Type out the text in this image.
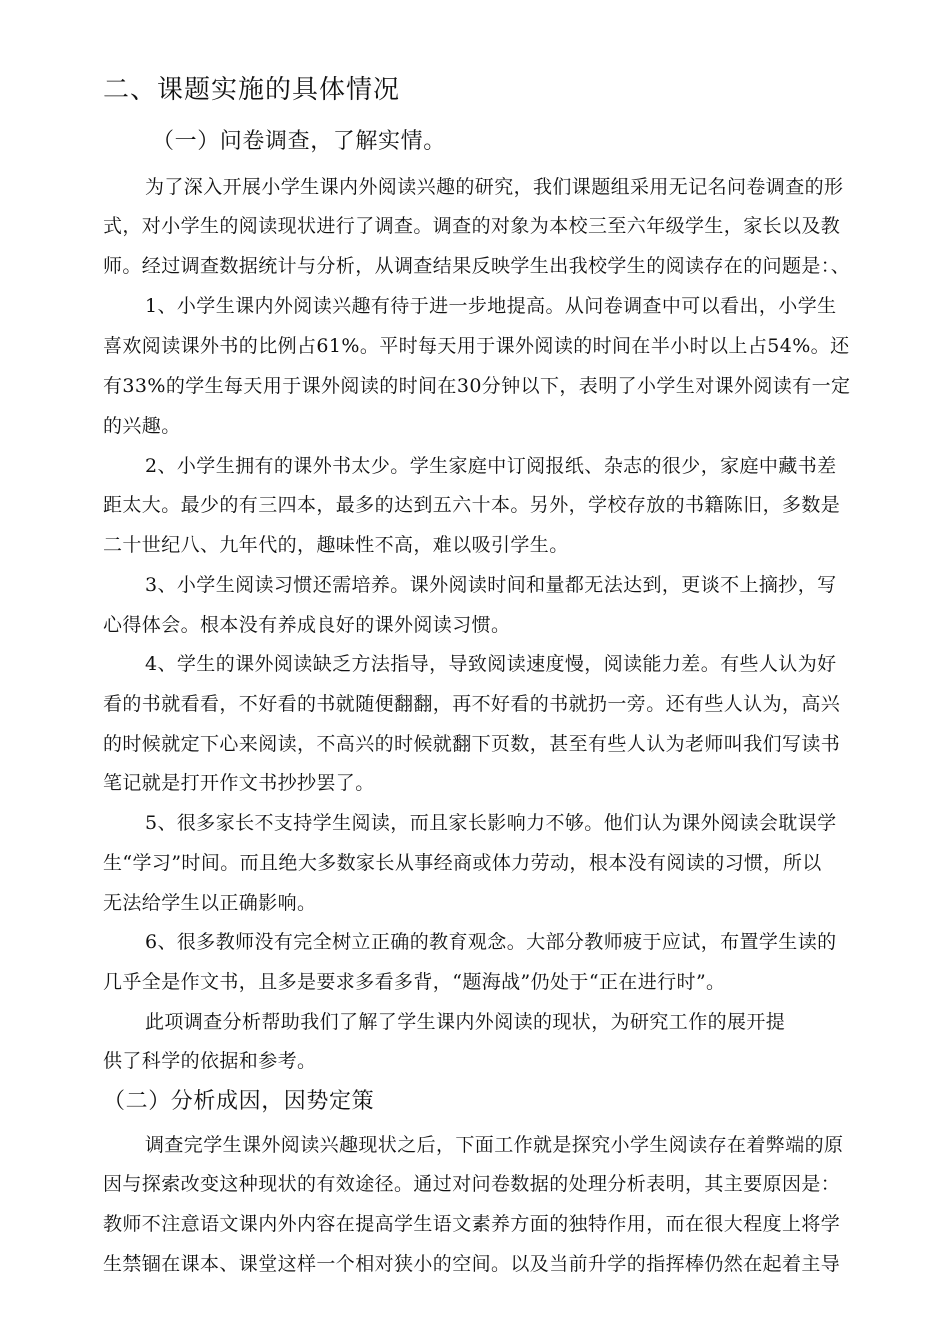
二、课题实施的具体情况
（一）问卷调查，了解实情。
为了深入开展小学生课内外阅读兴趣的研究，我们课题组采用无记名问卷调查的形
式，对小学生的阅读现状进行了调查。调查的对象为本校三至六年级学生，家长以及教
师。经过调查数据统计与分析，从调查结果反映学生出我校学生的阅读存在的问题是：、
1、小学生课内外阅读兴趣有待于进一步地提高。从问卷调查中可以看出，小学生
喜欢阅读课外书的比例占61%。平时每天用于课外阅读的时间在半小时以上占54%。还
有33%的学生每天用于课外阅读的时间在30分钟以下，表明了小学生对课外阅读有一定
的兴趣。
2、小学生拥有的课外书太少。学生家庭中订阅报纸、杂志的很少，家庭中藏书差
距太大。最少的有三四本，最多的达到五六十本。另外，学校存放的书籍陈旧，多数是
二十世纪八、九年代的，趣味性不高，难以吸引学生。
3、小学生阅读习惯还需培养。课外阅读时间和量都无法达到，更谈不上摘抄，写
心得体会。根本没有养成良好的课外阅读习惯。
4、学生的课外阅读缺乏方法指导，导致阅读速度慢，阅读能力差。有些人认为好
看的书就看看，不好看的书就随便翻翻，再不好看的书就扔一旁。还有些人认为，高兴
的时候就定下心来阅读，不高兴的时候就翻下页数，甚至有些人认为老师叫我们写读书
笔记就是打开作文书抄抄罢了。
5、很多家长不支持学生阅读，而且家长影响力不够。他们认为课外阅读会耽误学
生“学习”时间。而且绝大多数家长从事经商或体力劳动，根本没有阅读的习惯，所以
无法给学生以正确影响。
6、很多教师没有完全树立正确的教育观念。大部分教师疲于应试，布置学生读的
几乎全是作文书，且多是要求多看多背，“题海战”仍处于“正在进行时”。
此项调查分析帮助我们了解了学生课内外阅读的现状，为研究工作的展开提
供了科学的依据和参考。
（二）分析成因，因势定策
调查完学生课外阅读兴趣现状之后，下面工作就是探究小学生阅读存在着弊端的原
因与探索改变这种现状的有效途径。通过对问卷数据的处理分析表明，其主要原因是：
教师不注意语文课内外内容在提高学生语文素养方面的独特作用，而在很大程度上将学
生禁锢在课本、课堂这样一个相对狭小的空间。以及当前升学的指挥棒仍然在起着主导
